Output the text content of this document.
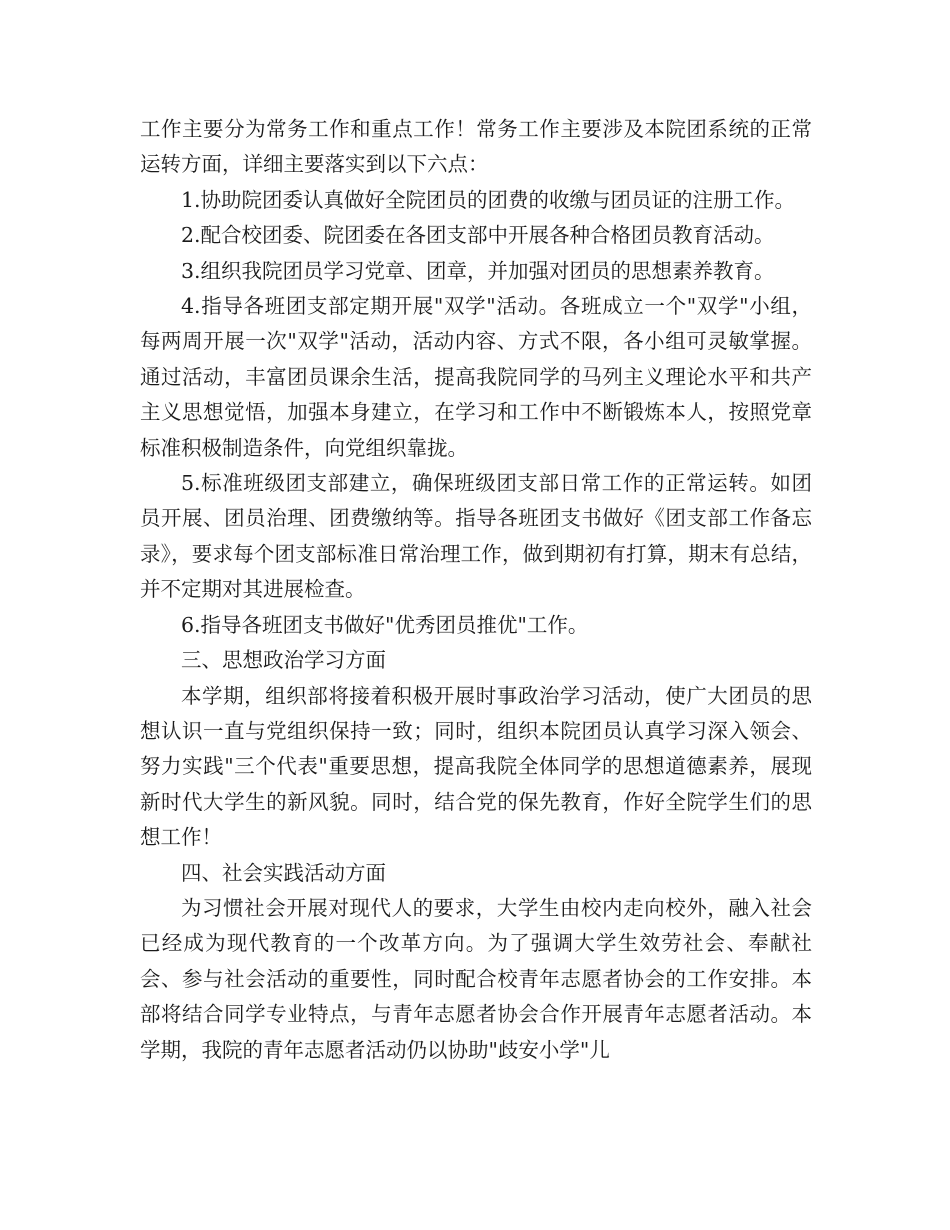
工作主要分为常务工作和重点工作！常务工作主要涉及本院团系统的正常运转方面，详细主要落实到以下六点：

1.协助院团委认真做好全院团员的团费的收缴与团员证的注册工作。

2.配合校团委、院团委在各团支部中开展各种合格团员教育活动。

3.组织我院团员学习党章、团章，并加强对团员的思想素养教育。

4.指导各班团支部定期开展"双学"活动。各班成立一个"双学"小组，每两周开展一次"双学"活动，活动内容、方式不限，各小组可灵敏掌握。通过活动，丰富团员课余生活，提高我院同学的马列主义理论水平和共产主义思想觉悟，加强本身建立，在学习和工作中不断锻炼本人，按照党章标准积极制造条件，向党组织靠拢。

5.标准班级团支部建立，确保班级团支部日常工作的正常运转。如团员开展、团员治理、团费缴纳等。指导各班团支书做好《团支部工作备忘录》，要求每个团支部标准日常治理工作，做到期初有打算，期末有总结，并不定期对其进展检查。

6.指导各班团支书做好"优秀团员推优"工作。

三、思想政治学习方面

本学期，组织部将接着积极开展时事政治学习活动，使广大团员的思想认识一直与党组织保持一致；同时，组织本院团员认真学习深入领会、努力实践"三个代表"重要思想，提高我院全体同学的思想道德素养，展现新时代大学生的新风貌。同时，结合党的保先教育，作好全院学生们的思想工作！

四、社会实践活动方面

为习惯社会开展对现代人的要求，大学生由校内走向校外，融入社会已经成为现代教育的一个改革方向。为了强调大学生效劳社会、奉献社会、参与社会活动的重要性，同时配合校青年志愿者协会的工作安排。本部将结合同学专业特点，与青年志愿者协会合作开展青年志愿者活动。本学期，我院的青年志愿者活动仍以协助"歧安小学"儿
